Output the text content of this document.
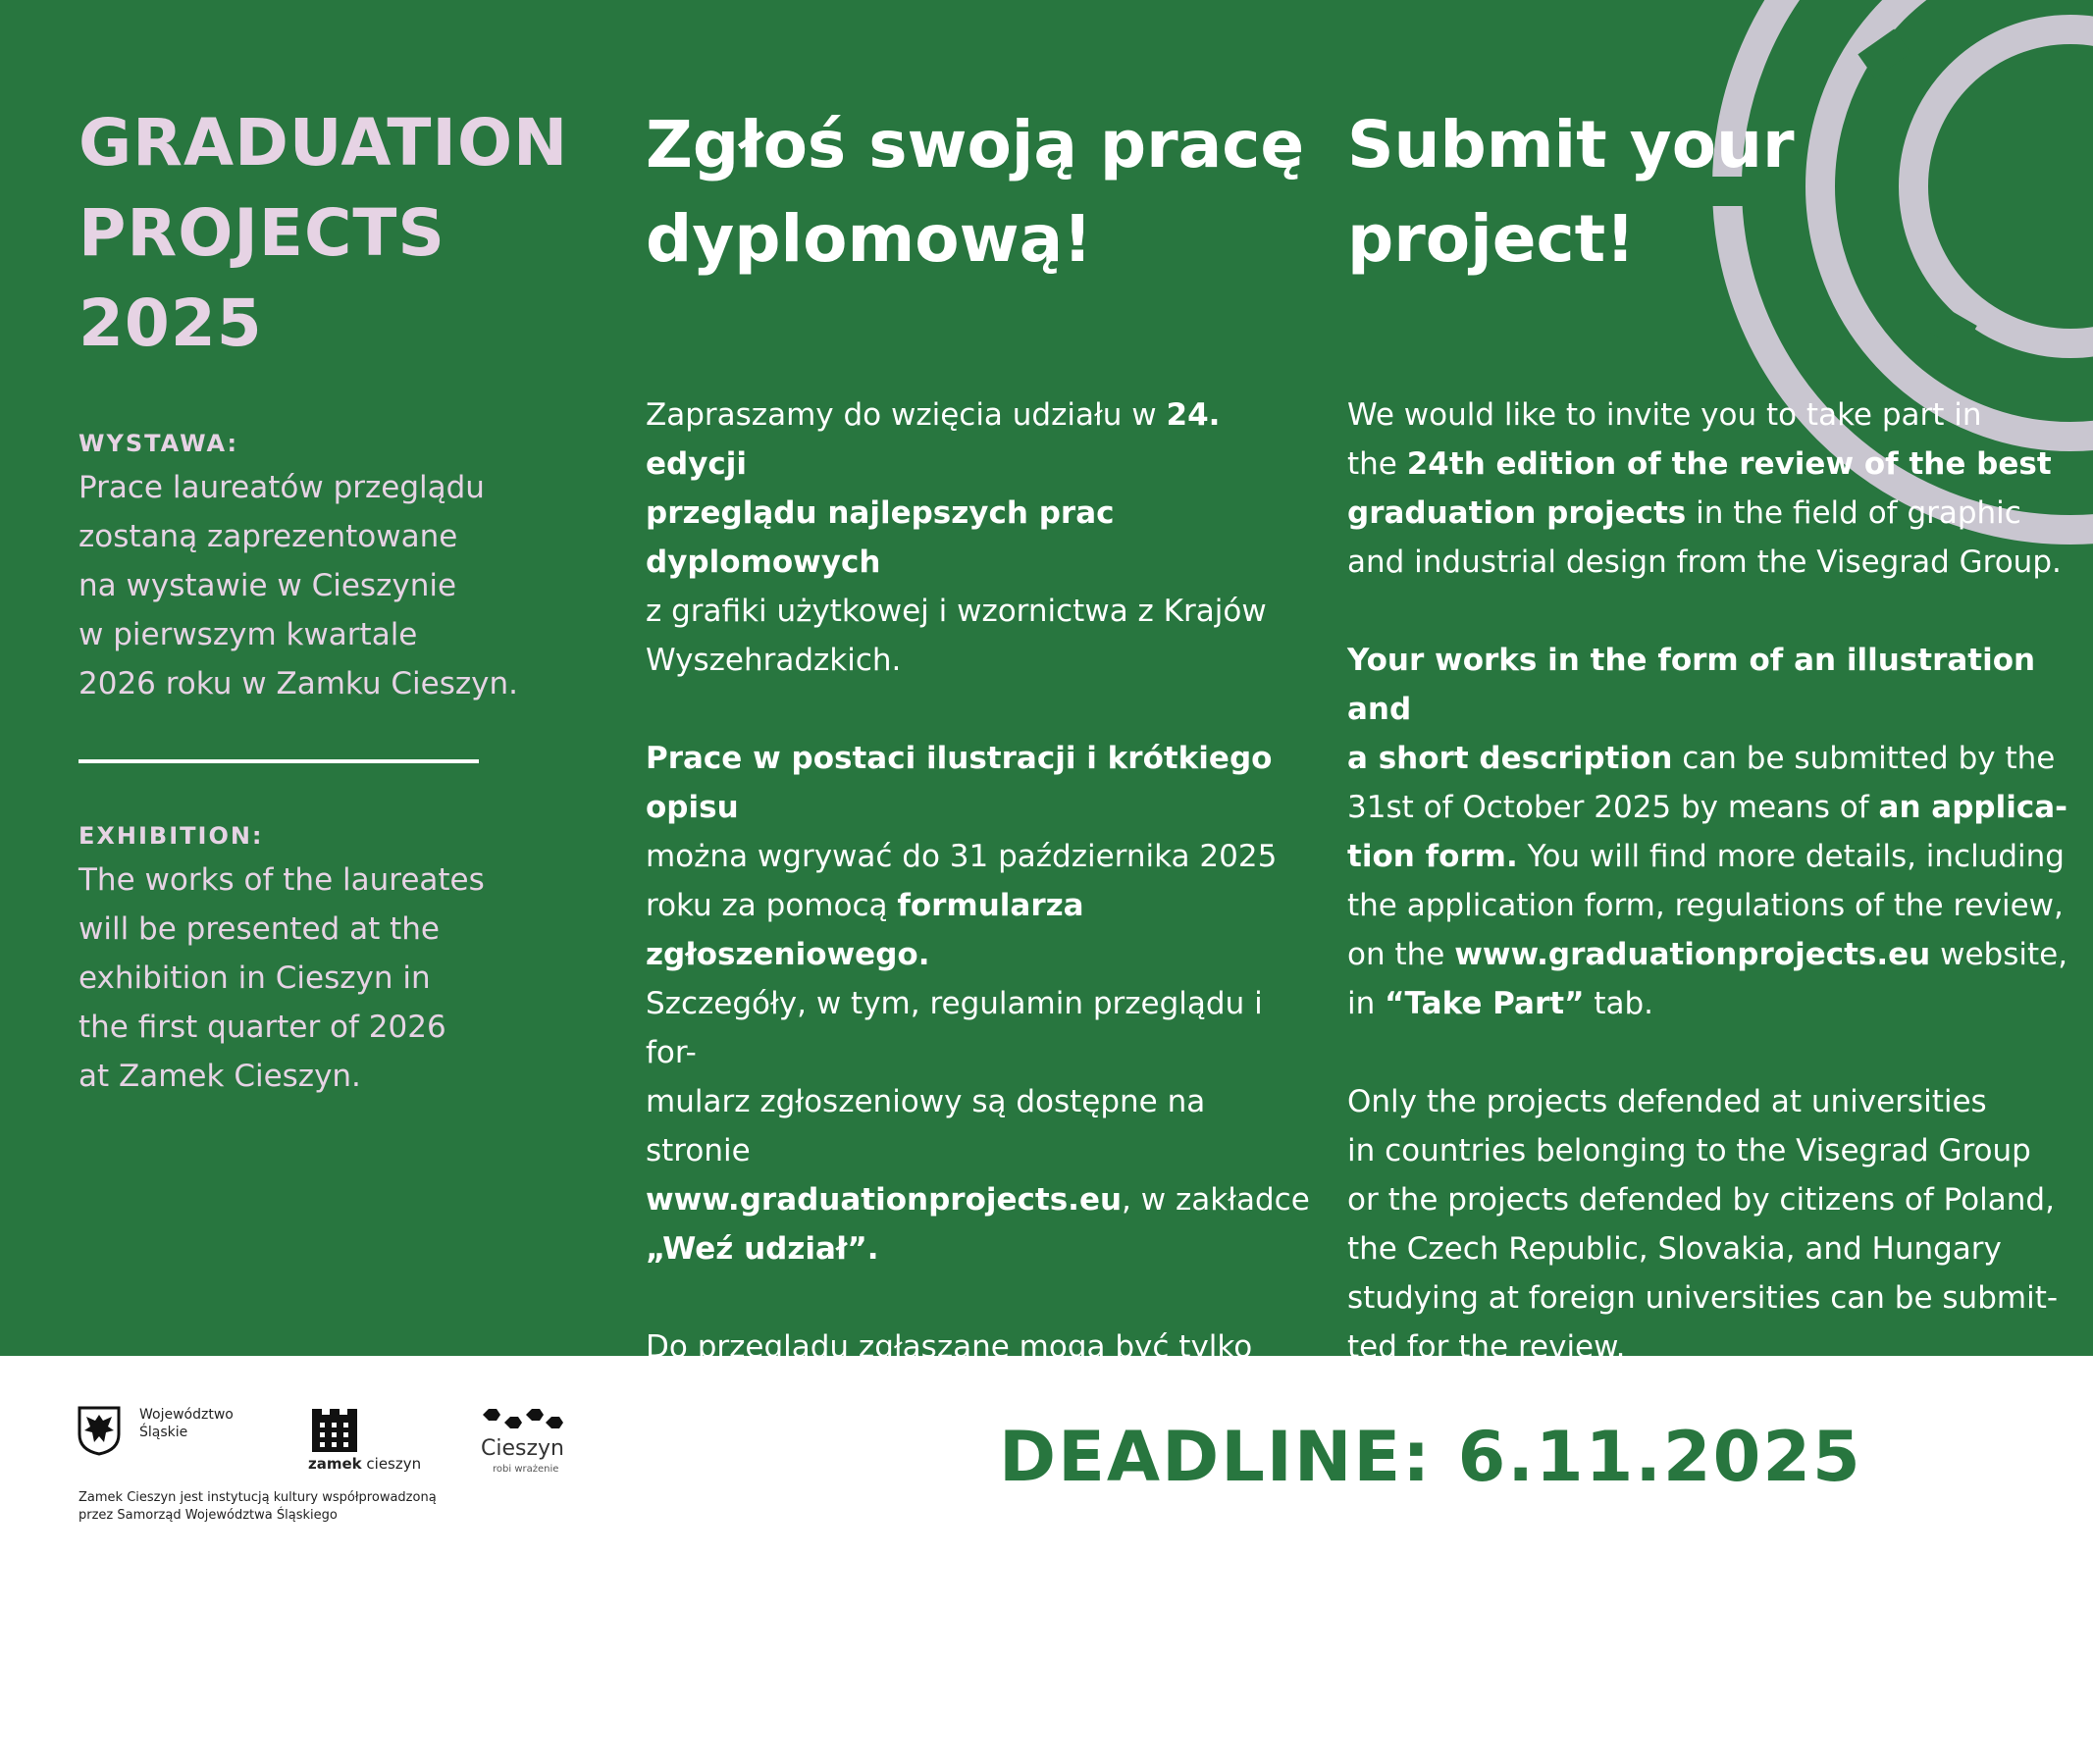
GRADUATION
PROJECTS
2025
WYSTAWA:
Prace laureatów przeglądu
zostaną zaprezentowane
na wystawie w Cieszynie
w pierwszym kwartale
2026 roku w Zamku Cieszyn.
EXHIBITION:
The works of the laureates
will be presented at the
exhibition in Cieszyn in
the first quarter of 2026
at Zamek Cieszyn.
Zgłoś swoją pracę
dyplomową!
Zapraszamy do wzięcia udziału w 24. edycji
przeglądu najlepszych prac dyplomowych
z grafiki użytkowej i wzornictwa z Krajów
Wyszehradzkich.
Prace w postaci ilustracji i krótkiego opisu
można wgrywać do 31 października 2025
roku za pomocą formularza zgłoszeniowego.
Szczegóły, w tym, regulamin przeglądu i for-
mularz zgłoszeniowy są dostępne na stronie
www.graduationprojects.eu, w zakładce
„Weź udział”.
Do przeglądu zgłaszane mogą być tylko
prace dyplomowe obronione w okresie
od 2 listopada 2024 do 31 października
2025 w szkołach krajów Grupy Wyszehra-
dzkiej, bądź przez obywateli Polski, Republiki
Czeskiej, Słowacji i Węgier na uczelniach
zagranicznych.
Submit your
project!
We would like to invite you to take part in
the 24th edition of the review of the best
graduation projects in the field of graphic
and industrial design from the Visegrad Group.
Your works in the form of an illustration and
a short description can be submitted by the
31st of October 2025 by means of an applica-
tion form. You will find more details, including
the application form, regulations of the review,
on the www.graduationprojects.eu website,
in “Take Part” tab.
Only the projects defended at universities
in countries belonging to the Visegrad Group
or the projects defended by citizens of Poland,
the Czech Republic, Slovakia, and Hungary
studying at foreign universities can be submit-
ted for the review.
Województwo
Śląskie
zamek cieszyn
Cieszyn
robi wrażenie
Zamek Cieszyn jest instytucją kultury współprowadzoną
przez Samorząd Województwa Śląskiego
DEADLINE: 6.11.2025
